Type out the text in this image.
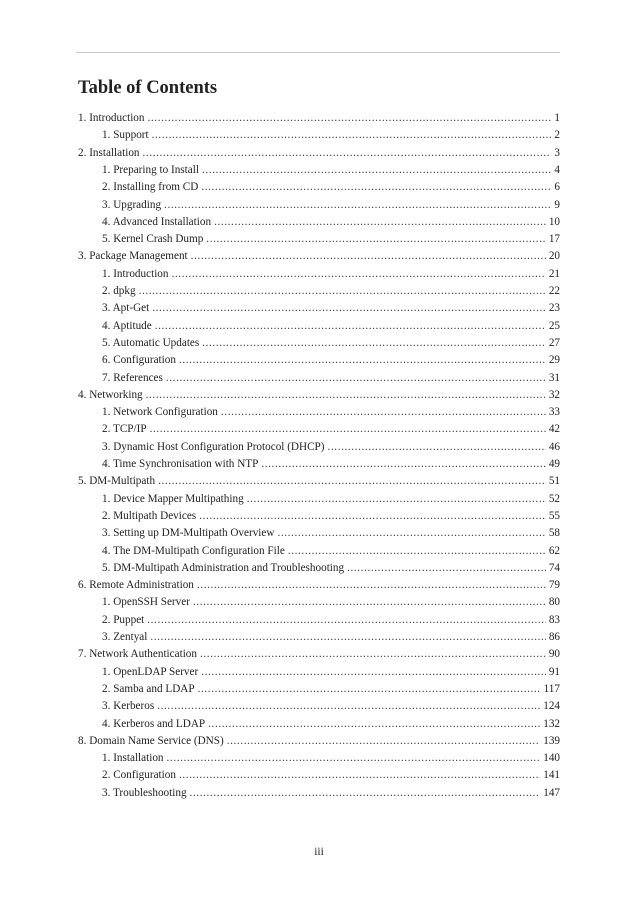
Table of Contents
1. Introduction .....	1
1. Support .....	2
2. Installation .....	3
1. Preparing to Install .....	4
2. Installing from CD .....	6
3. Upgrading .....	9
4. Advanced Installation .....	10
5. Kernel Crash Dump .....	17
3. Package Management .....	20
1. Introduction .....	21
2. dpkg .....	22
3. Apt-Get .....	23
4. Aptitude .....	25
5. Automatic Updates .....	27
6. Configuration .....	29
7. References .....	31
4. Networking .....	32
1. Network Configuration .....	33
2. TCP/IP .....	42
3. Dynamic Host Configuration Protocol (DHCP) .....	46
4. Time Synchronisation with NTP .....	49
5. DM-Multipath .....	51
1. Device Mapper Multipathing .....	52
2. Multipath Devices .....	55
3. Setting up DM-Multipath Overview .....	58
4. The DM-Multipath Configuration File .....	62
5. DM-Multipath Administration and Troubleshooting .....	74
6. Remote Administration .....	79
1. OpenSSH Server .....	80
2. Puppet .....	83
3. Zentyal .....	86
7. Network Authentication .....	90
1. OpenLDAP Server .....	91
2. Samba and LDAP .....	117
3. Kerberos .....	124
4. Kerberos and LDAP .....	132
8. Domain Name Service (DNS) .....	139
1. Installation .....	140
2. Configuration .....	141
3. Troubleshooting .....	147
iii
